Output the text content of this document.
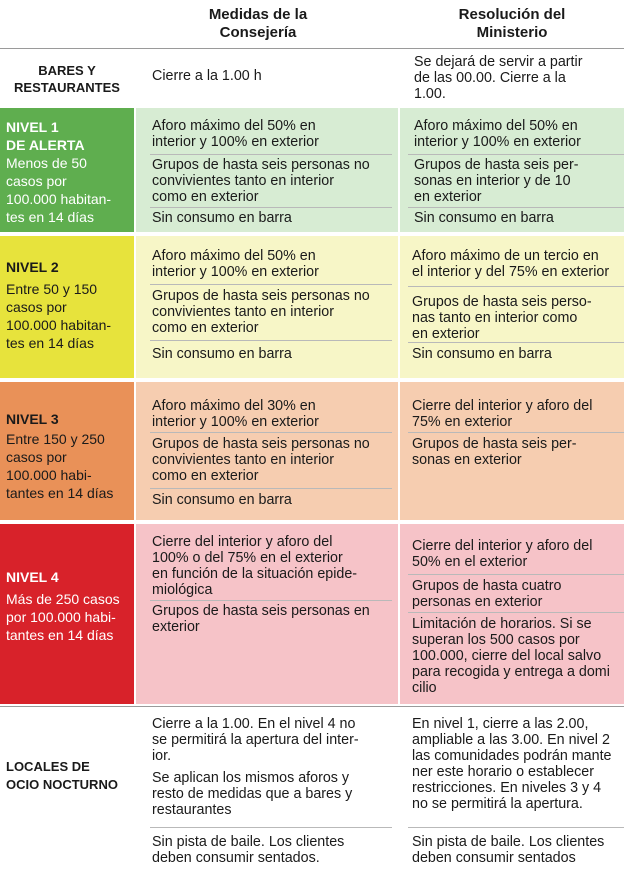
Medidas de la
Consejería
Resolución del
Ministerio
BARES Y
RESTAURANTES
Cierre a la 1.00 h
Se dejará de servir a partir
de las 00.00. Cierre a la
1.00.
NIVEL 1
DE ALERTA
Menos de 50
casos por
100.000 habitan-
tes en 14 días
Aforo máximo del 50% en
interior y 100% en exterior
Grupos de hasta seis personas no
convivientes tanto en interior
como en exterior
Sin consumo en barra
Aforo máximo del 50% en
interior y 100% en exterior
Grupos de hasta seis per-
sonas en interior y de 10
en exterior
Sin consumo en barra
NIVEL 2
Entre 50 y 150
casos por
100.000 habitan-
tes en 14 días
Aforo máximo del 50% en
interior y 100% en exterior
Grupos de hasta seis personas no
convivientes tanto en interior
como en exterior
Sin consumo en barra
Aforo máximo de un tercio en
el interior y del 75% en exterior
Grupos de hasta seis perso-
nas tanto en interior como
en exterior
Sin consumo en barra
NIVEL 3
Entre 150 y 250
casos por
100.000 habi-
tantes en 14 días
Aforo máximo del 30% en
interior y 100% en exterior
Grupos de hasta seis personas no
convivientes tanto en interior
como en exterior
Sin consumo en barra
Cierre del interior y aforo del
75% en exterior
Grupos de hasta seis per-
sonas en exterior
NIVEL 4
Más de 250 casos
por 100.000 habi-
tantes en 14 días
Cierre del interior y aforo del
100% o del 75% en el exterior
en función de la situación epide-
miológica
Grupos de hasta seis personas en
exterior
Cierre del interior y aforo del
50% en el exterior
Grupos de hasta cuatro
personas en exterior
Limitación de horarios. Si se
superan los 500 casos por
100.000, cierre del local salvo
para recogida y entrega a domi
cilio
LOCALES DE
OCIO NOCTURNO
Cierre a la 1.00. En el nivel 4 no
se permitirá la apertura del inter-
ior.
Se aplican los mismos aforos y
resto de medidas que a bares y
restaurantes
Sin pista de baile. Los clientes
deben consumir sentados.
En nivel 1, cierre a las 2.00,
ampliable a las 3.00. En nivel 2
las comunidades podrán mante
ner este horario o establecer
restricciones. En niveles 3 y 4
no se permitirá la apertura.
Sin pista de baile. Los clientes
deben consumir sentados
